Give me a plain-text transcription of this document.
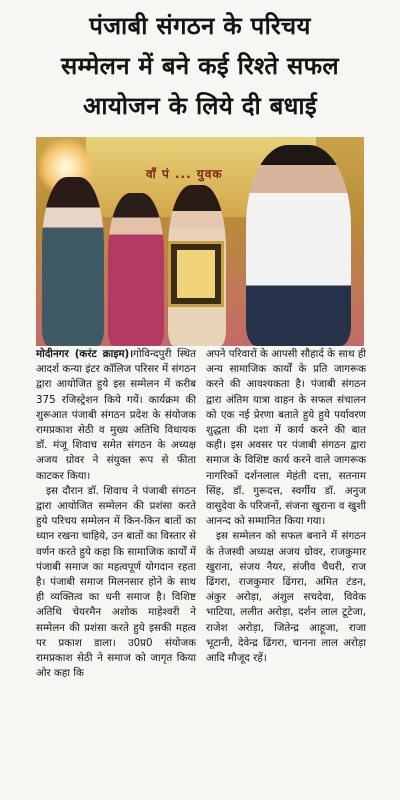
पंजाबी संगठन के परिचय
सम्मेलन में बने कई रिश्ते सफल
आयोजन के लिये दी बधाई
वाँ पं ... युवक

मोदीनगर (करंट क्राइम)।गोविन्दपुरी स्थित आदर्श कन्या इंटर कॉलिज परिसर में संगठन द्वारा आयोजित हुये इस सम्मेलन में करीब 375 रजिस्ट्रेशन किये गयें। कार्यक्रम की शुरूआत पंजाबी संगठन प्रदेश के संयोजक रामप्रकाश सेठी व मुख्य अतिथि विधायक डॉ. मंजू शिवाच समेत संगठन के अध्यक्ष अजय ग्रोवर ने संयुक्त रूप से फीता काटकर किया।

इस दौरान डॉ. शिवाच ने पंजाबी संगठन द्वारा आयोजित सम्मेलन की प्रशंसा करते हुये परिचय सम्मेलन में किन-किन बातों का ध्यान रखना चाहिये, उन बातों का विस्तार से वर्णन करते हुये कहा कि सामाजिक कार्यों में पंजाबी समाज का महत्वपूर्ण योगदान रहता है। पंजाबी समाज मिलनसार होने के साथ ही व्यक्तित्व का धनी समाज है। विशिष्ट अतिथि चेयरमैन अशोक माहेश्वरी ने सम्मेलन की प्रशंसा करते हुये इसकी महत्व पर प्रकाश डाला। उ0प्र0 संयोजक रामप्रकाश सेठी ने समाज को जागृत किया ओर कहा कि

अपने परिवारों के आपसी सौहार्द के साथ ही अन्य सामाजिक कार्यों के प्रति जागरूक करने की आवश्यकता है। पंजाबी संगठन द्वारा अंतिम यात्रा वाहन के सफल संचालन को एक नई प्रेरणा बताते हुये हुये पर्यावरण शुद्धता की दशा में कार्य करने की बात कही। इस अवसर पर पंजाबी संगठन द्वारा समाज के विशिष्ट कार्य करने वाले जागरूक नागरिकों दर्शनलाल मेहंती दत्ता, सतनाम सिंह, डॉ. गुरूदत्त, स्वर्गीय डॉ. अनुज वासुदेवा के परिजनों, संजना खुराना व खुशी आनन्द को सम्मानित किया गया।

इस सम्मेलन को सफल बनाने में संगठन के तेजस्वी अध्यक्ष अजय ग्रोवर, राजकुमार खुराना, संजय नैयर, संजीव चैधरी, राज ढिंगरा, राजकुमार ढिंगरा, अमित टंडन, अंकुर अरोड़ा, अंशुल सचदेवा, विवेक भाटिया, ललीत अरोड़ा, दर्शन लाल टूटेजा, राजेश अरोड़ा, जितेन्द्र आहूजा, राजा भूटानी, देवेन्द्र ढिंगरा, चानना लाल अरोड़ा आदि मौजूद रहें।
